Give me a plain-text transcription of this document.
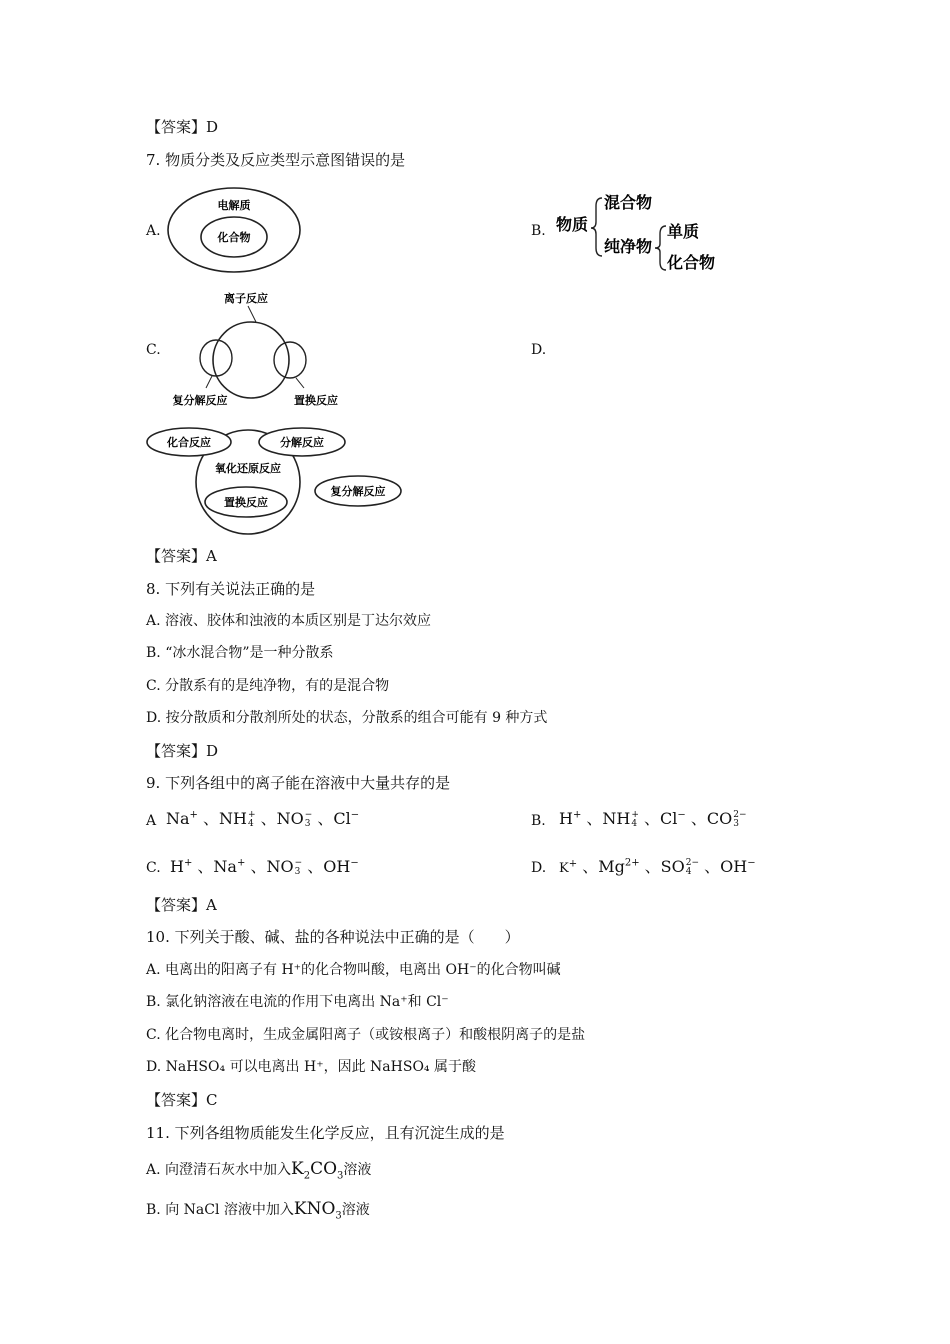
【答案】D
7. 物质分类及反应类型示意图错误的是
A.
电解质
化合物	B. 物质
混合物
纯净物
单质
化合物
C.
离子反应
复分解反应	置换反应
D.
化合反应	分解反应
氧化还原反应
置换反应
复分解反应
【答案】A
8. 下列有关说法正确的是
A. 溶液、胶体和浊液的本质区别是丁达尔效应
B. “冰水混合物”是一种分散系
C. 分散系有的是纯净物，有的是混合物
D. 按分散质和分散剂所处的状态，分散系的组合可能有 9 种方式
【答案】D
9. 下列各组中的离子能在溶液中大量共存的是
A Na+ 、NH +
4 、NO −
3 、Cl−	B. H+ 、NH +
4 、Cl− 、CO 2−
3
C. H+ 、Na+ 、NO −
3 、OH−	D. K+ 、$Mg^{2+}$ 、SO 2−
4 、OH−
【答案】A
10. 下列关于酸、碱、盐的各种说法中正确的是（　　）
A. 电离出的阳离子有 H⁺的化合物叫酸，电离出 OH⁻的化合物叫碱
B. 氯化钠溶液在电流的作用下电离出 Na⁺和 Cl⁻
C. 化合物电离时，生成金属阳离子（或铵根离子）和酸根阴离子的是盐
D. NaHSO₄ 可以电离出 H⁺，因此 NaHSO₄ 属于酸
【答案】C
11. 下列各组物质能发生化学反应，且有沉淀生成的是
A. 向澄清石灰水中加入$K_2CO_3$溶液
B. 向 NaCl 溶液中加入$KNO_3$溶液
